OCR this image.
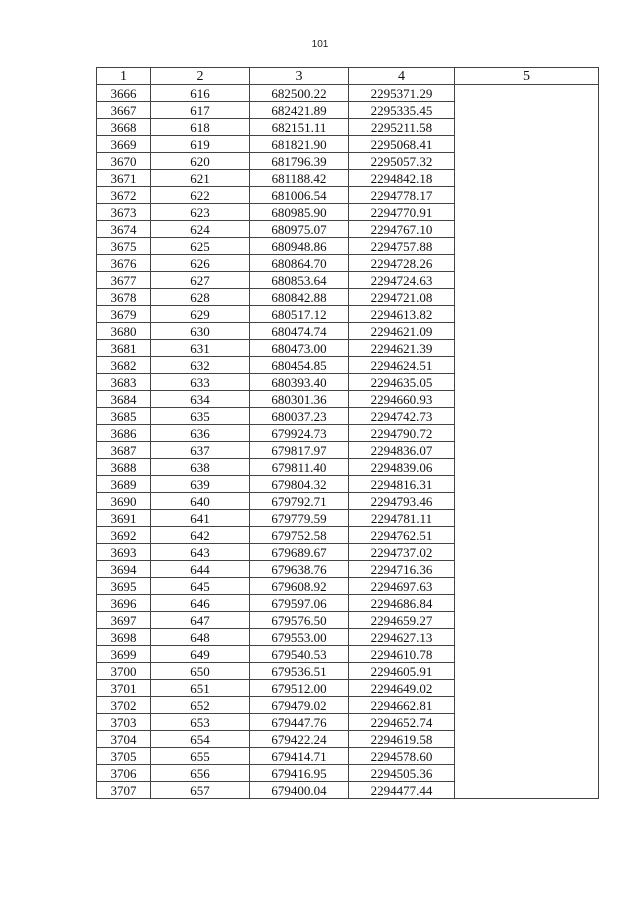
101
1	2	3	4	5
3666	616	682500.22	2295371.29	
3667	617	682421.89	2295335.45	
3668	618	682151.11	2295211.58	
3669	619	681821.90	2295068.41	
3670	620	681796.39	2295057.32	
3671	621	681188.42	2294842.18	
3672	622	681006.54	2294778.17	
3673	623	680985.90	2294770.91	
3674	624	680975.07	2294767.10	
3675	625	680948.86	2294757.88	
3676	626	680864.70	2294728.26	
3677	627	680853.64	2294724.63	
3678	628	680842.88	2294721.08	
3679	629	680517.12	2294613.82	
3680	630	680474.74	2294621.09	
3681	631	680473.00	2294621.39	
3682	632	680454.85	2294624.51	
3683	633	680393.40	2294635.05	
3684	634	680301.36	2294660.93	
3685	635	680037.23	2294742.73	
3686	636	679924.73	2294790.72	
3687	637	679817.97	2294836.07	
3688	638	679811.40	2294839.06	
3689	639	679804.32	2294816.31	
3690	640	679792.71	2294793.46	
3691	641	679779.59	2294781.11	
3692	642	679752.58	2294762.51	
3693	643	679689.67	2294737.02	
3694	644	679638.76	2294716.36	
3695	645	679608.92	2294697.63	
3696	646	679597.06	2294686.84	
3697	647	679576.50	2294659.27	
3698	648	679553.00	2294627.13	
3699	649	679540.53	2294610.78	
3700	650	679536.51	2294605.91	
3701	651	679512.00	2294649.02	
3702	652	679479.02	2294662.81	
3703	653	679447.76	2294652.74	
3704	654	679422.24	2294619.58	
3705	655	679414.71	2294578.60	
3706	656	679416.95	2294505.36	
3707	657	679400.04	2294477.44	
